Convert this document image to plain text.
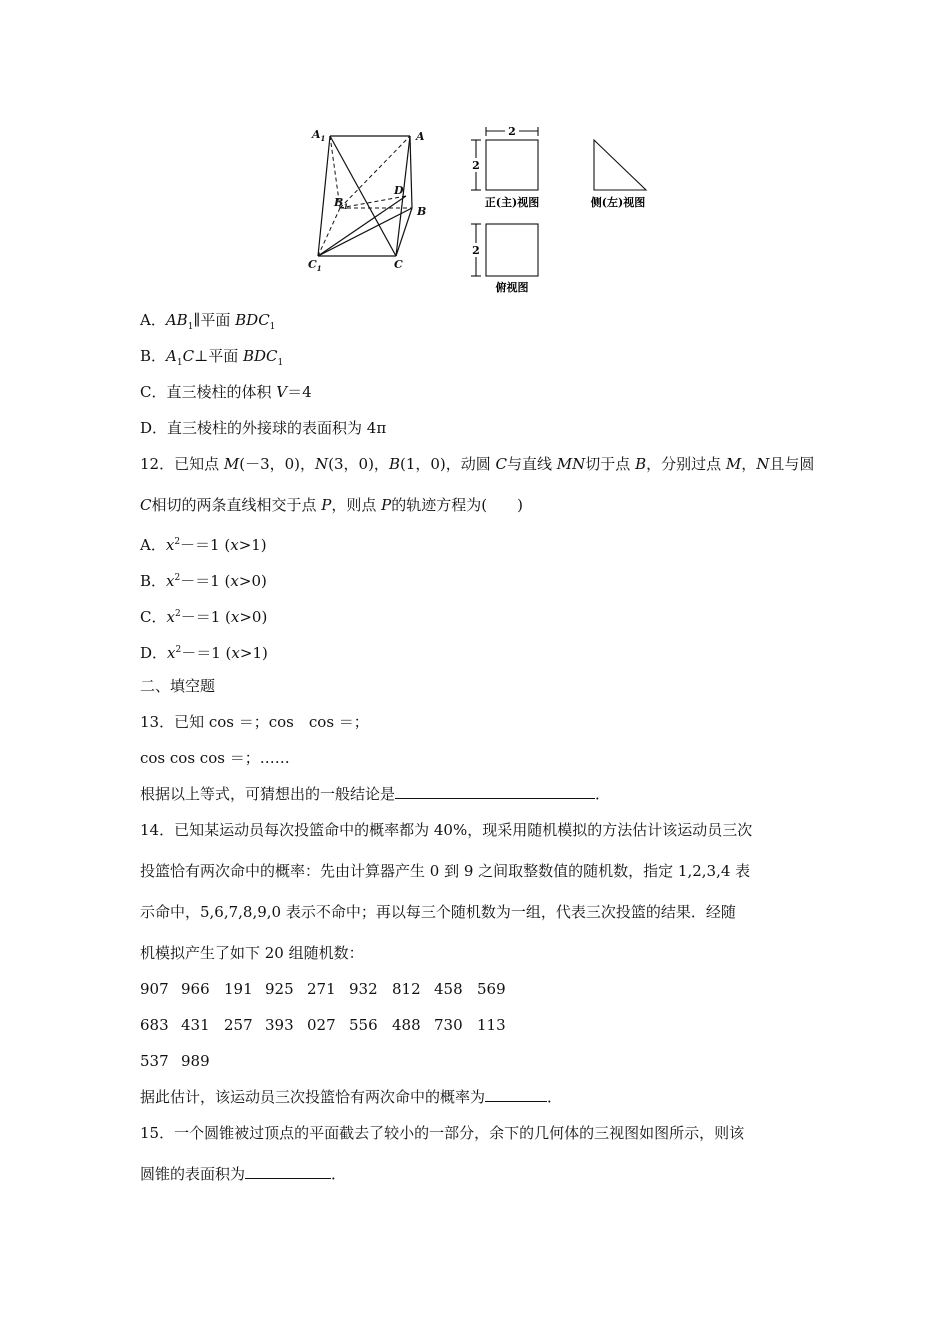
$A_1$	A
$B_1$
D
B
$C_1$	C
2
2
正(主)视图	侧(左)视图
2
俯视图
A．$AB_1\parallel$平面 $BDC_1$
B．$A_1C\perp$平面 $BDC_1$
C．直三棱柱的体积 V＝4
D．直三棱柱的外接球的表面积为 4π
12．已知点 M(－3，0)，N(3，0)，B(1，0)，动圆 C与直线 MN切于点 B，分别过点 M，N且与圆
C相切的两条直线相交于点 P，则点 P的轨迹方程为(　　)
A．$x^2-=1$ (x>1)
B．$x^2-=1$ (x>0)
C．$x^2-=1$ (x>0)
D．$x^2-=1$ (x>1)
二、填空题
13．已知 cos ＝；cos　cos ＝；
cos cos cos ＝；……
根据以上等式，可猜想出的一般结论是	．
14．已知某运动员每次投篮命中的概率都为 40%，现采用随机模拟的方法估计该运动员三次
投篮恰有两次命中的概率：先由计算器产生 0 到 9 之间取整数值的随机数，指定 1,2,3,4 表
示命中，5,6,7,8,9,0 表示不命中；再以每三个随机数为一组，代表三次投篮的结果．经随
机模拟产生了如下 20 组随机数：
907 966 191 925 271 932 812 458 569
683 431 257 393 027 556 488 730 113
537 989
据此估计，该运动员三次投篮恰有两次命中的概率为	．
15．一个圆锥被过顶点的平面截去了较小的一部分，余下的几何体的三视图如图所示，则该
圆锥的表面积为	．
